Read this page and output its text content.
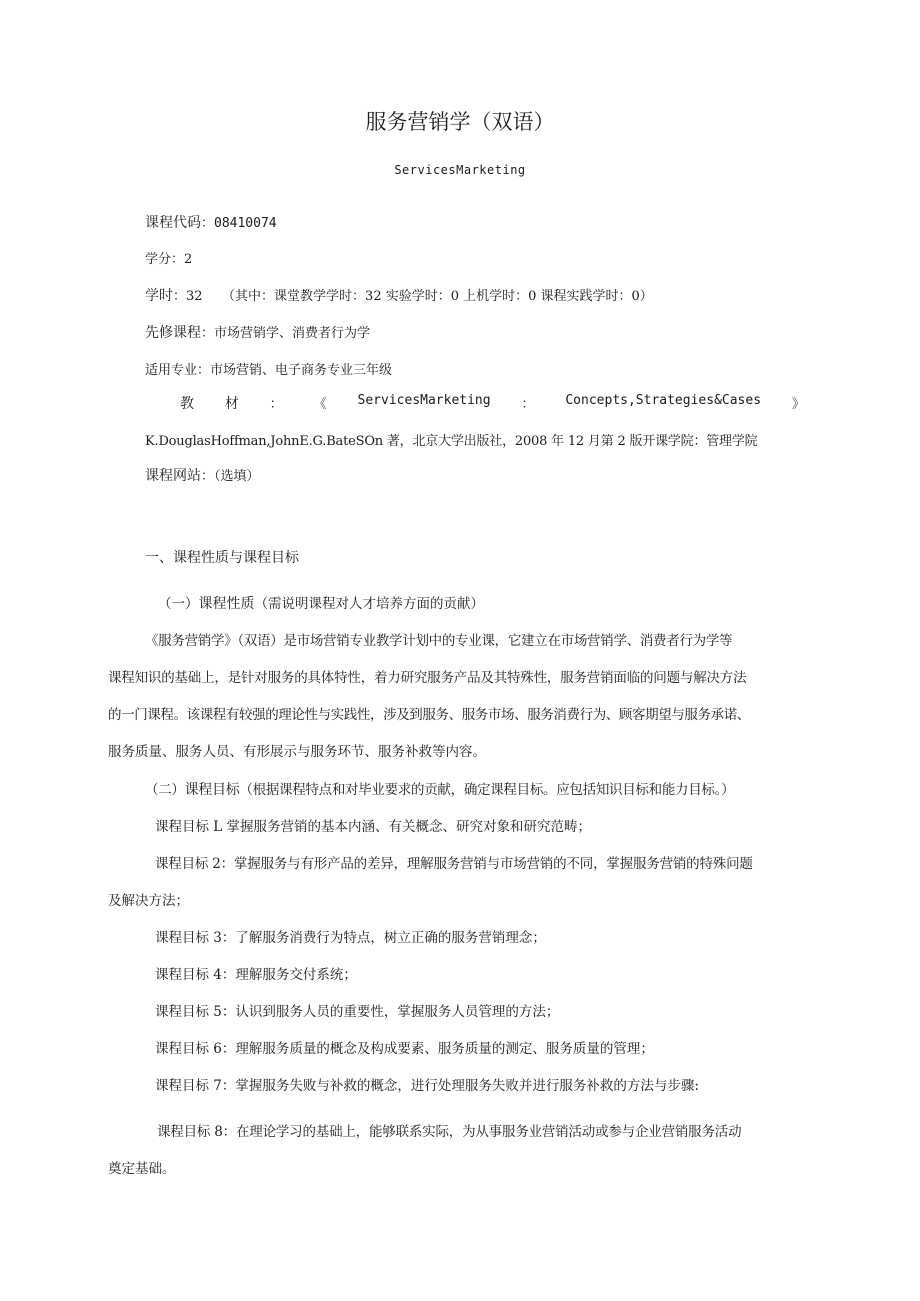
服务营销学（双语）
ServicesMarketing
课程代码：08410074
学分：2
学时：32　　（其中：课堂教学学时：32 实验学时：0 上机学时：0 课程实践学时：0）
先修课程：市场营销学、消费者行为学
适用专业：市场营销、电子商务专业三年级
教 材 ： 《 ServicesMarketing ： Concepts,Strategies&Cases 》
K.DouglasHoffman,JohnE.G.BateSOn 著，北京大学出版社，2008 年 12 月第 2 版开课学院：管理学院
课程网站：（选填）
一、课程性质与课程目标
（一）课程性质（需说明课程对人才培养方面的贡献）
《服务营销学》（双语）是市场营销专业教学计划中的专业课，它建立在市场营销学、消费者行为学等
课程知识的基础上，是针对服务的具体特性，着力研究服务产品及其特殊性，服务营销面临的问题与解决方法
的一门课程。该课程有较强的理论性与实践性，涉及到服务、服务市场、服务消费行为、顾客期望与服务承诺、
服务质量、服务人员、有形展示与服务环节、服务补救等内容。
（二）课程目标（根据课程特点和对毕业要求的贡献，确定课程目标。应包括知识目标和能力目标。）
课程目标 L 掌握服务营销的基本内涵、有关概念、研究对象和研究范畴；
课程目标 2：掌握服务与有形产品的差异，理解服务营销与市场营销的不同，掌握服务营销的特殊问题
及解决方法；
课程目标 3：了解服务消费行为特点，树立正确的服务营销理念；
课程目标 4：理解服务交付系统；
课程目标 5：认识到服务人员的重要性，掌握服务人员管理的方法；
课程目标 6：理解服务质量的概念及构成要素、服务质量的测定、服务质量的管理；
课程目标 7：掌握服务失败与补救的概念，进行处理服务失败并进行服务补救的方法与步骤:
课程目标 8：在理论学习的基础上，能够联系实际，为从事服务业营销活动或参与企业营销服务活动
奠定基础。
